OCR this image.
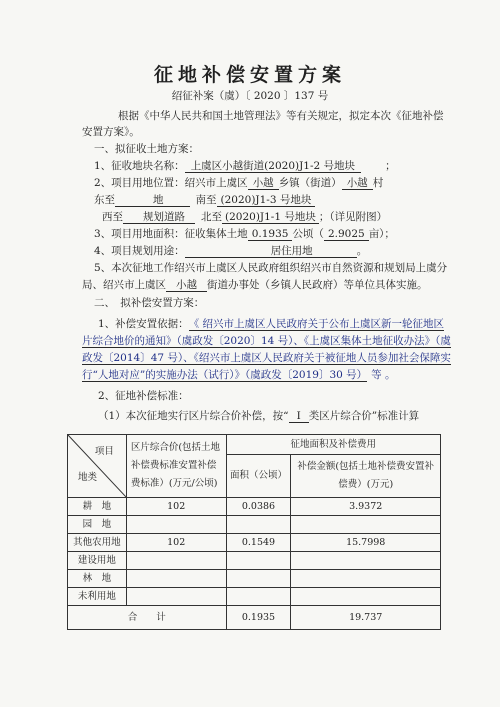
征地补偿安置方案
绍征补案（虞）〔 2020 〕137 号
根据《中华人民共和国土地管理法》等有关规定，拟定本次《征地补偿
安置方案》。
一、拟征收土地方案：
1、征收地块名称： 上虞区小越街道(2020)J1-2 号地块	；
2、项目用地位置：绍兴市上虞区 小越 乡镇（街道） 小越 村
东至	地	南至 (2020)J1-3 号地块
西至 规划道路 北至 (2020)J1-1 号地块 ；（详见附图）
3、项目用地面积：征收集体土地 0.1935 公顷（ 2.9025 亩）；
4、项目规划用途：	居住用地	。
5、本次征地工作绍兴市上虞区人民政府组织绍兴市自然资源和规划局上虞分
局、绍兴市上虞区 小越 街道办事处（乡镇人民政府）等单位具体实施。
二、　拟补偿安置方案：
1、补偿安置依据：《 绍兴市上虞区人民政府关于公布上虞区新一轮征地区
片综合地价的通知》（虞政发〔2020〕14 号）、《上虞区集体土地征收办法》（虞
政发〔2014〕47 号）、《绍兴市上虞区人民政府关于被征地人员参加社会保障实
行“人地对应”的实施办法（试行）》（虞政发〔2019〕30 号） 等 。
2、征地补偿标准：
（1）本次征地实行区片综合价补偿，按“ I 类区片综合价”标准计算
项目
地类	区片综合价(包括土地补偿费标准安置补偿费标准）(万元/公顷)	征地面积及补偿费用	
		面积（公顷）	补偿金额(包括土地补偿费安置补偿费）(万元)
耕　地	102	0.0386	3.9372
园　地			
其他农用地	102	0.1549	15.7998
建设用地			
林　地			
未利用地			
合　　计		0.1935	19.737
